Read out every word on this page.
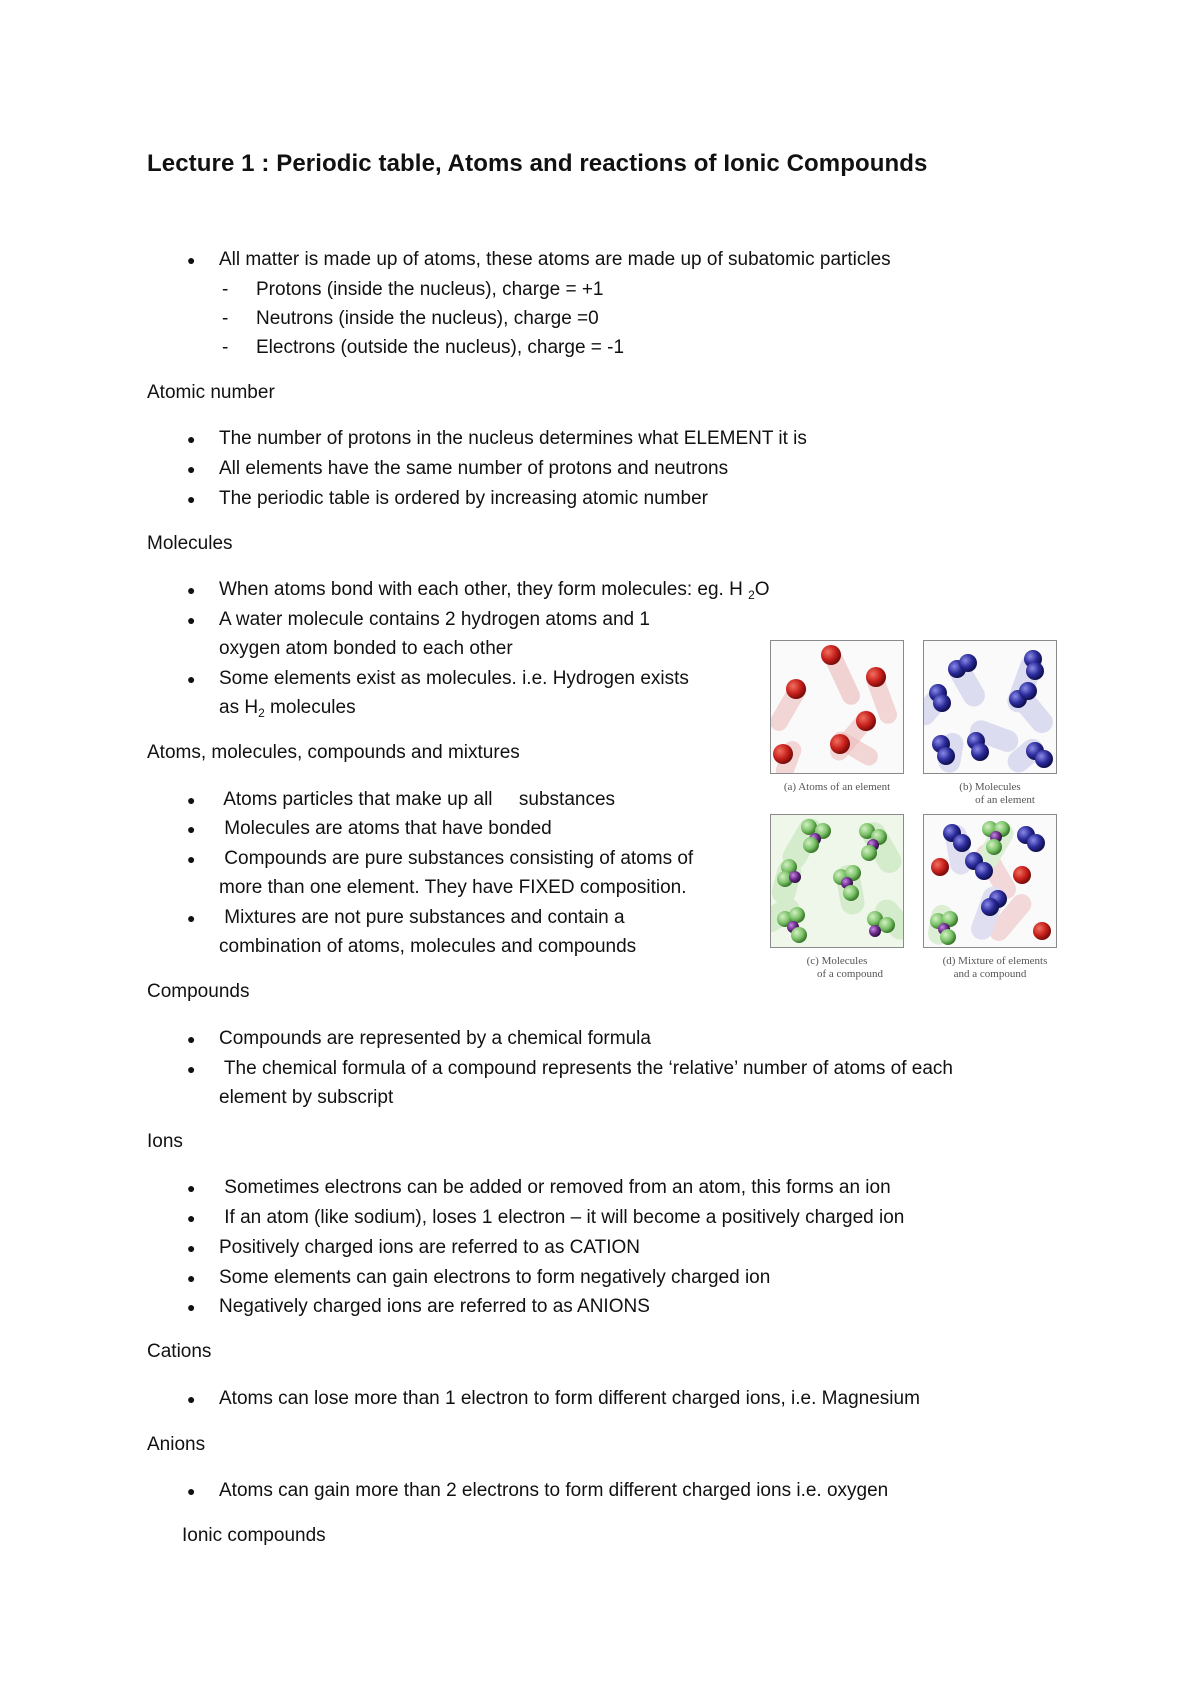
Lecture 1 : Periodic table, Atoms and reactions of Ionic Compounds
● All matter is made up of atoms, these atoms are made up of subatomic particles
- Protons (inside the nucleus), charge = +1
- Neutrons (inside the nucleus), charge =0
- Electrons (outside the nucleus), charge = -1
Atomic number
● The number of protons in the nucleus determines what ELEMENT it is
● All elements have the same number of protons and neutrons
● The periodic table is ordered by increasing atomic number
Molecules
● When atoms bond with each other, they form molecules: eg. H $_2$O
● A water molecule contains 2 hydrogen atoms and 1
oxygen atom bonded to each other
● Some elements exist as molecules. i.e. Hydrogen exists
as $H_2$ molecules
Atoms, molecules, compounds and mixtures
● Atoms particles that make up all     substances
● Molecules are atoms that have bonded
● Compounds are pure substances consisting of atoms of
more than one element. They have FIXED composition.
● Mixtures are not pure substances and contain a
combination of atoms, molecules and compounds
Compounds
● Compounds are represented by a chemical formula
● The chemical formula of a compound represents the ‘relative’ number of atoms of each
element by subscript
Ions
● Sometimes electrons can be added or removed from an atom, this forms an ion
● If an atom (like sodium), loses 1 electron – it will become a positively charged ion
● Positively charged ions are referred to as CATION
● Some elements can gain electrons to form negatively charged ion
● Negatively charged ions are referred to as ANIONS
Cations
● Atoms can lose more than 1 electron to form different charged ions, i.e. Magnesium
Anions
● Atoms can gain more than 2 electrons to form different charged ions i.e. oxygen
Ionic compounds
(a) Atoms of an element	(b) Molecules
of an element
(c) Molecules
of a compound
(d) Mixture of elements
and a compound
